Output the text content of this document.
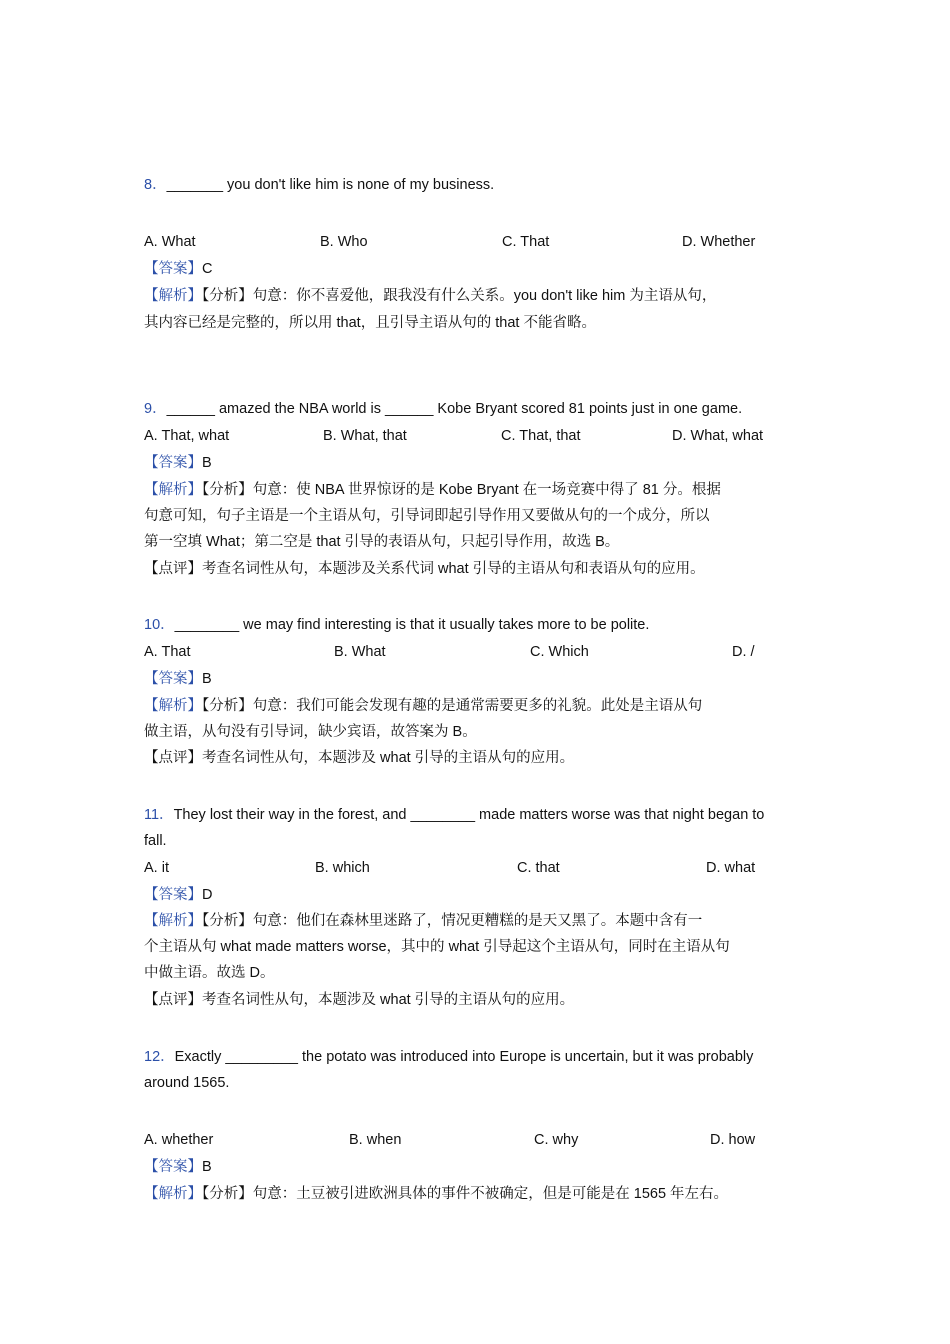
8．_______ you don't like him is none of my business.
A. What	B. Who	C. That	D. Whether
【答案】C
【解析】【分析】句意：你不喜爱他，跟我没有什么关系。you don't like him 为主语从句，
其内容已经是完整的，所以用 that，且引导主语从句的 that 不能省略。
9．______ amazed the NBA world is ______ Kobe Bryant scored 81 points just in one game.
A. That, what	B. What, that	C. That, that	D. What, what
【答案】B
【解析】【分析】句意：使 NBA 世界惊讶的是 Kobe Bryant 在一场竞赛中得了 81 分。根据
句意可知，句子主语是一个主语从句，引导词即起引导作用又要做从句的一个成分，所以
第一空填 What；第二空是 that 引导的表语从句，只起引导作用，故选 B。
【点评】考查名词性从句，本题涉及关系代词 what 引导的主语从句和表语从句的应用。
10．________ we may find interesting is that it usually takes more to be polite.
A. That	B. What	C. Which	D. /
【答案】B
【解析】【分析】句意：我们可能会发现有趣的是通常需要更多的礼貌。此处是主语从句
做主语，从句没有引导词，缺少宾语，故答案为 B。
【点评】考查名词性从句，本题涉及 what 引导的主语从句的应用。
11．They lost their way in the forest, and ________ made matters worse was that night began to
fall.
A. it	B. which	C. that	D. what
【答案】D
【解析】【分析】句意：他们在森林里迷路了，情况更糟糕的是天又黑了。本题中含有一
个主语从句 what made matters worse，其中的 what 引导起这个主语从句，同时在主语从句
中做主语。故选 D。
【点评】考查名词性从句，本题涉及 what 引导的主语从句的应用。
12．Exactly _________ the potato was introduced into Europe is uncertain, but it was probably
around 1565.
A. whether	B. when	C. why	D. how
【答案】B
【解析】【分析】句意：土豆被引进欧洲具体的事件不被确定，但是可能是在 1565 年左右。
